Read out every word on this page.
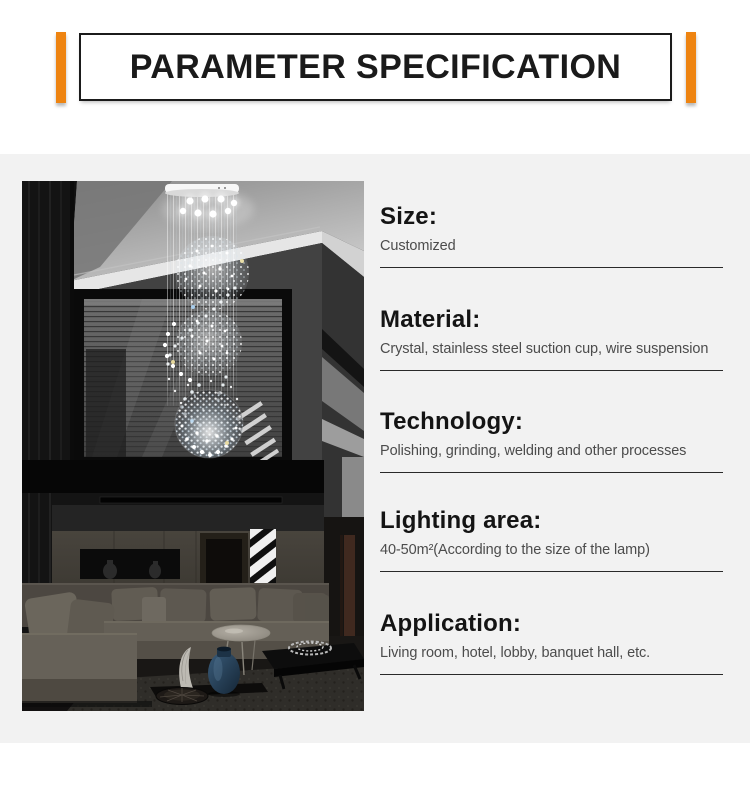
PARAMETER SPECIFICATION
Size:

Customized

Material:

Crystal, stainless steel suction cup, wire suspension

Technology:

Polishing, grinding, welding and other processes

Lighting area:

40-50m²(According to the size of the lamp)

Application:

Living room, hotel, lobby, banquet hall, etc.
